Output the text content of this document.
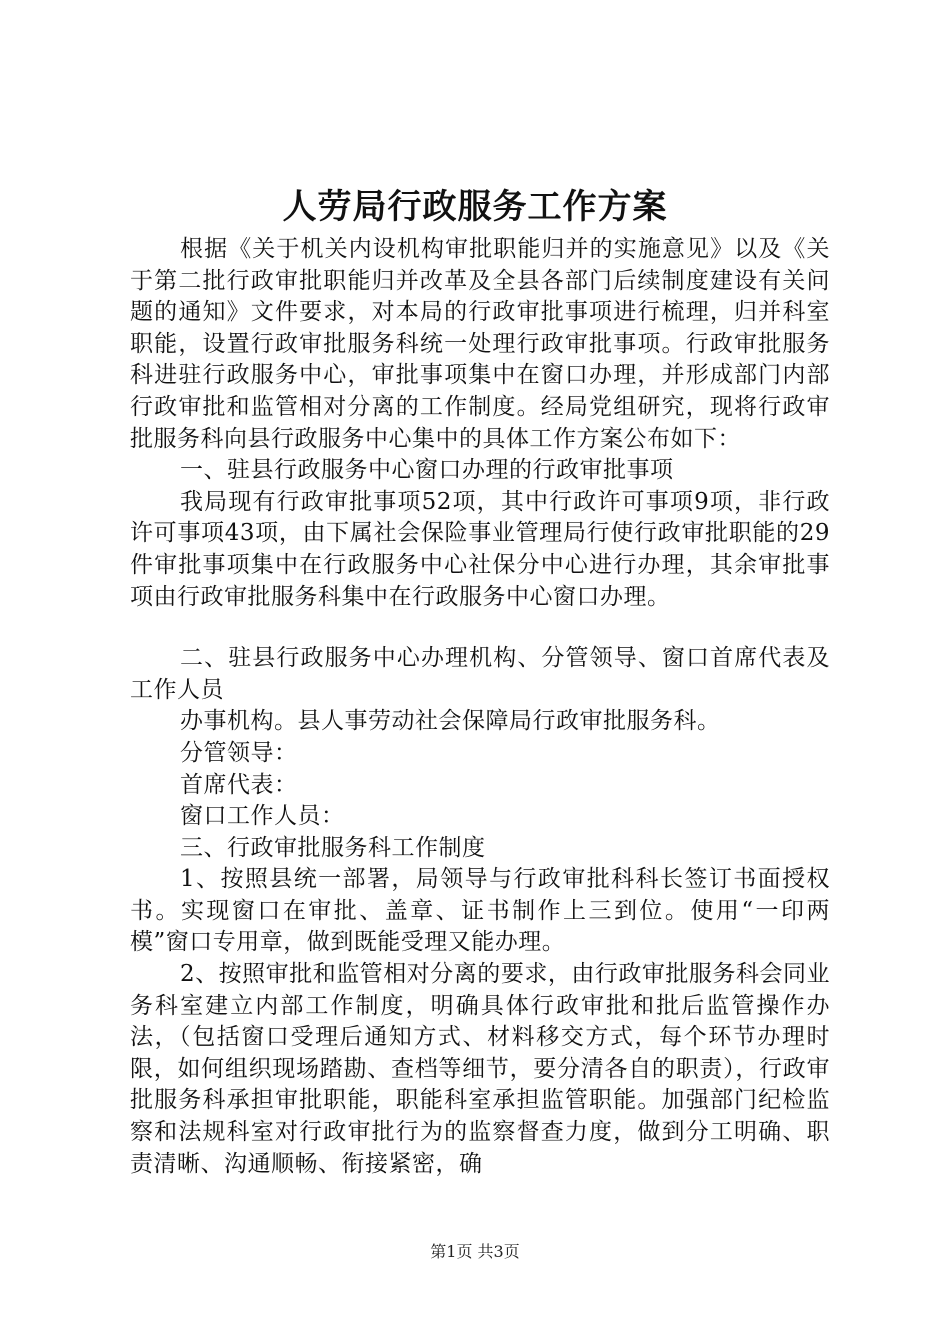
人劳局行政服务工作方案

根据《关于机关内设机构审批职能归并的实施意见》以及《关于第二批行政审批职能归并改革及全县各部门后续制度建设有关问题的通知》文件要求，对本局的行政审批事项进行梳理，归并科室职能，设置行政审批服务科统一处理行政审批事项。行政审批服务科进驻行政服务中心，审批事项集中在窗口办理，并形成部门内部行政审批和监管相对分离的工作制度。经局党组研究，现将行政审批服务科向县行政服务中心集中的具体工作方案公布如下：

一、驻县行政服务中心窗口办理的行政审批事项

我局现有行政审批事项52项，其中行政许可事项9项，非行政许可事项43项，由下属社会保险事业管理局行使行政审批职能的29件审批事项集中在行政服务中心社保分中心进行办理，其余审批事项由行政审批服务科集中在行政服务中心窗口办理。

二、驻县行政服务中心办理机构、分管领导、窗口首席代表及工作人员

办事机构。县人事劳动社会保障局行政审批服务科。

分管领导：

首席代表：

窗口工作人员：

三、行政审批服务科工作制度

1、按照县统一部署，局领导与行政审批科科长签订书面授权书。实现窗口在审批、盖章、证书制作上三到位。使用“一印两模”窗口专用章，做到既能受理又能办理。

2、按照审批和监管相对分离的要求，由行政审批服务科会同业务科室建立内部工作制度，明确具体行政审批和批后监管操作办法，（包括窗口受理后通知方式、材料移交方式，每个环节办理时限，如何组织现场踏勘、查档等细节，要分清各自的职责），行政审批服务科承担审批职能，职能科室承担监管职能。加强部门纪检监察和法规科室对行政审批行为的监察督查力度，做到分工明确、职责清晰、沟通顺畅、衔接紧密，确

第1页 共3页
